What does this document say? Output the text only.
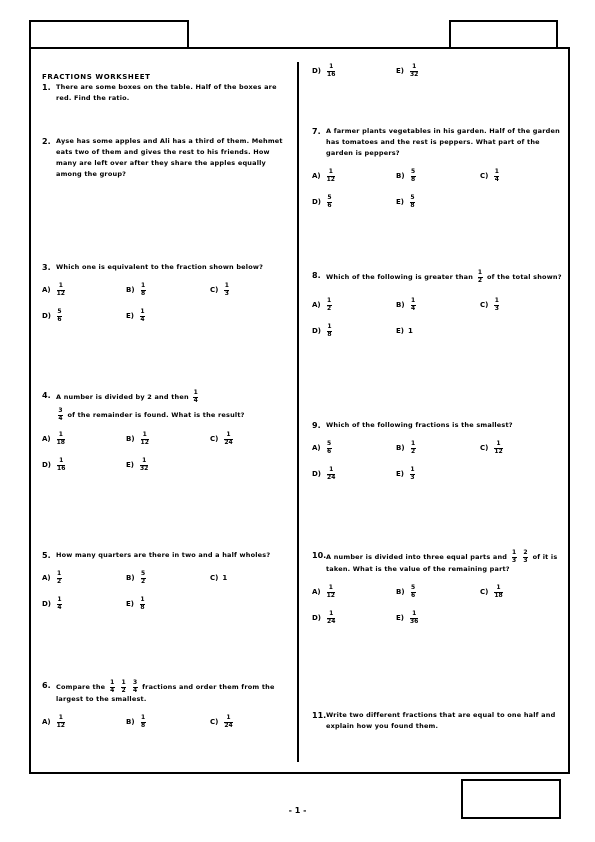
FRACTIONS WORKSHEET
1. There are some boxes on the table. Half of the boxes are red. Find the ratio.
2. Ayse has some apples and Ali has a third of them. Mehmet eats two of them and gives the rest to his friends. How many are left over after they share the apples equally among the group?
3. Which one is equivalent to the fraction shown below?
$A) \frac{1}{12}$	$B) \frac{1}{8}$	$C) \frac{1}{3}$
$D) \frac{5}{6}$	$E) \frac{1}{4}$
4. A number is divided by 2 and then $\frac{1}{4}$
$\frac{3}{4}$ of the remainder is found. What is the result?
$A) \frac{1}{18}$	$B) \frac{1}{12}$	$C) \frac{1}{24}$
$D) \frac{1}{16}$	$E) \frac{1}{32}$
5. How many quarters are there in two and a half wholes?
$A) \frac{1}{2}$	$B) \frac{5}{2}$	C) 1
$D) \frac{1}{4}$	$E) \frac{1}{8}$
6. Compare the $\frac{1}{4}$
$\frac{1}{2}$
$\frac{3}{4}$ fractions and order them from the largest to the smallest.
$A) \frac{1}{12}$	$B) \frac{1}{8}$	$C) \frac{1}{24}$
$D) \frac{1}{16}$	$E) \frac{1}{32}$
7. A farmer plants vegetables in his garden. Half of the garden has tomatoes and the rest is peppers. What part of the garden is peppers?
$A) \frac{1}{12}$	$B) \frac{5}{8}$	$C) \frac{1}{4}$
$D) \frac{5}{6}$	$E) \frac{5}{8}$
8. Which of the following is greater than $\frac{1}{2}$ of the total shown?
$A) \frac{1}{2}$	$B) \frac{1}{4}$	$C) \frac{1}{3}$
$D) \frac{1}{8}$	E) 1
9. Which of the following fractions is the smallest?
$A) \frac{5}{6}$	$B) \frac{1}{2}$	$C) \frac{1}{12}$
$D) \frac{1}{24}$	$E) \frac{1}{3}$
10. A number is divided into three equal parts and $\frac{1}{3}$
$\frac{2}{3}$ of it is taken. What is the value of the remaining part?
$A) \frac{1}{12}$	$B) \frac{5}{6}$	$C) \frac{1}{18}$
$D) \frac{1}{24}$	$E) \frac{1}{36}$
11. Write two different fractions that are equal to one half and explain how you found them.
- 1 -
